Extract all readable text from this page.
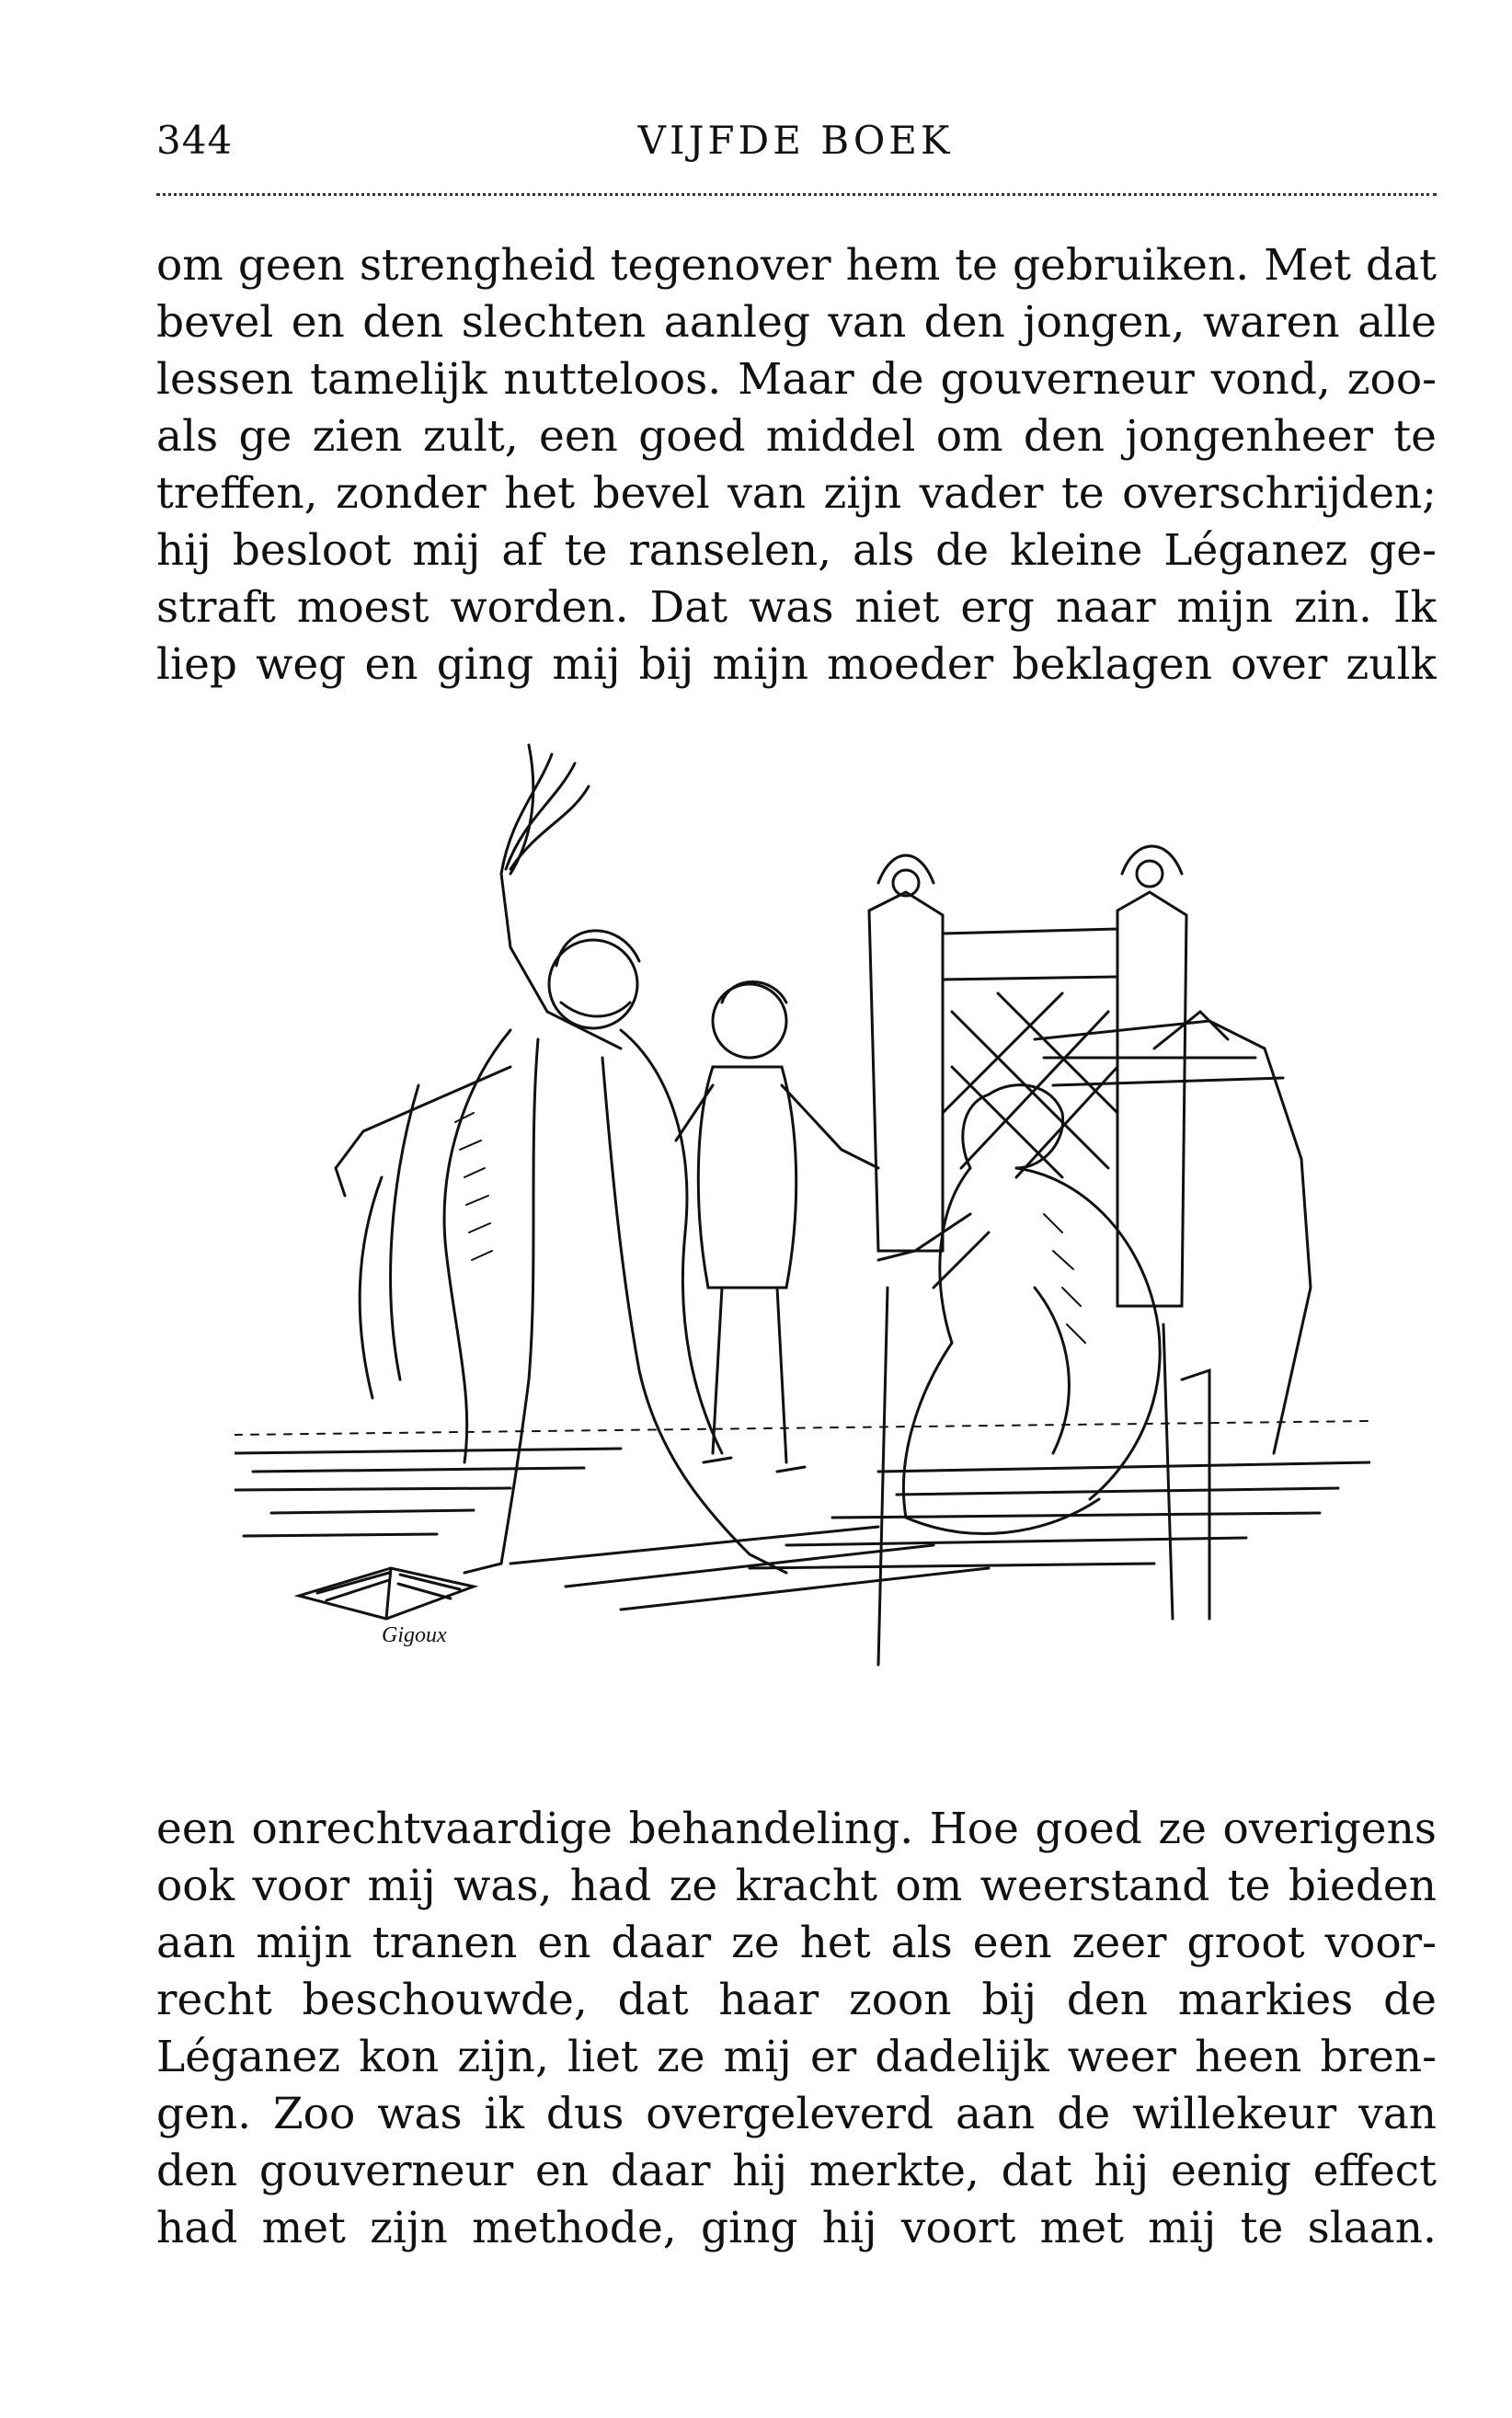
344	VIJFDE BOEK
om geen strengheid tegenover hem te gebruiken. Met dat
bevel en den slechten aanleg van den jongen, waren alle
lessen tamelijk nutteloos. Maar de gouverneur vond, zoo-
als ge zien zult, een goed middel om den jongenheer te
treffen, zonder het bevel van zijn vader te overschrijden;
hij besloot mij af te ranselen, als de kleine Léganez ge-
straft moest worden. Dat was niet erg naar mijn zin. Ik
liep weg en ging mij bij mijn moeder beklagen over zulk
Gigoux
een onrechtvaardige behandeling. Hoe goed ze overigens
ook voor mij was, had ze kracht om weerstand te bieden
aan mijn tranen en daar ze het als een zeer groot voor-
recht beschouwde, dat haar zoon bij den markies de
Léganez kon zijn, liet ze mij er dadelijk weer heen bren-
gen. Zoo was ik dus overgeleverd aan de willekeur van
den gouverneur en daar hij merkte, dat hij eenig effect
had met zijn methode, ging hij voort met mij te slaan.
